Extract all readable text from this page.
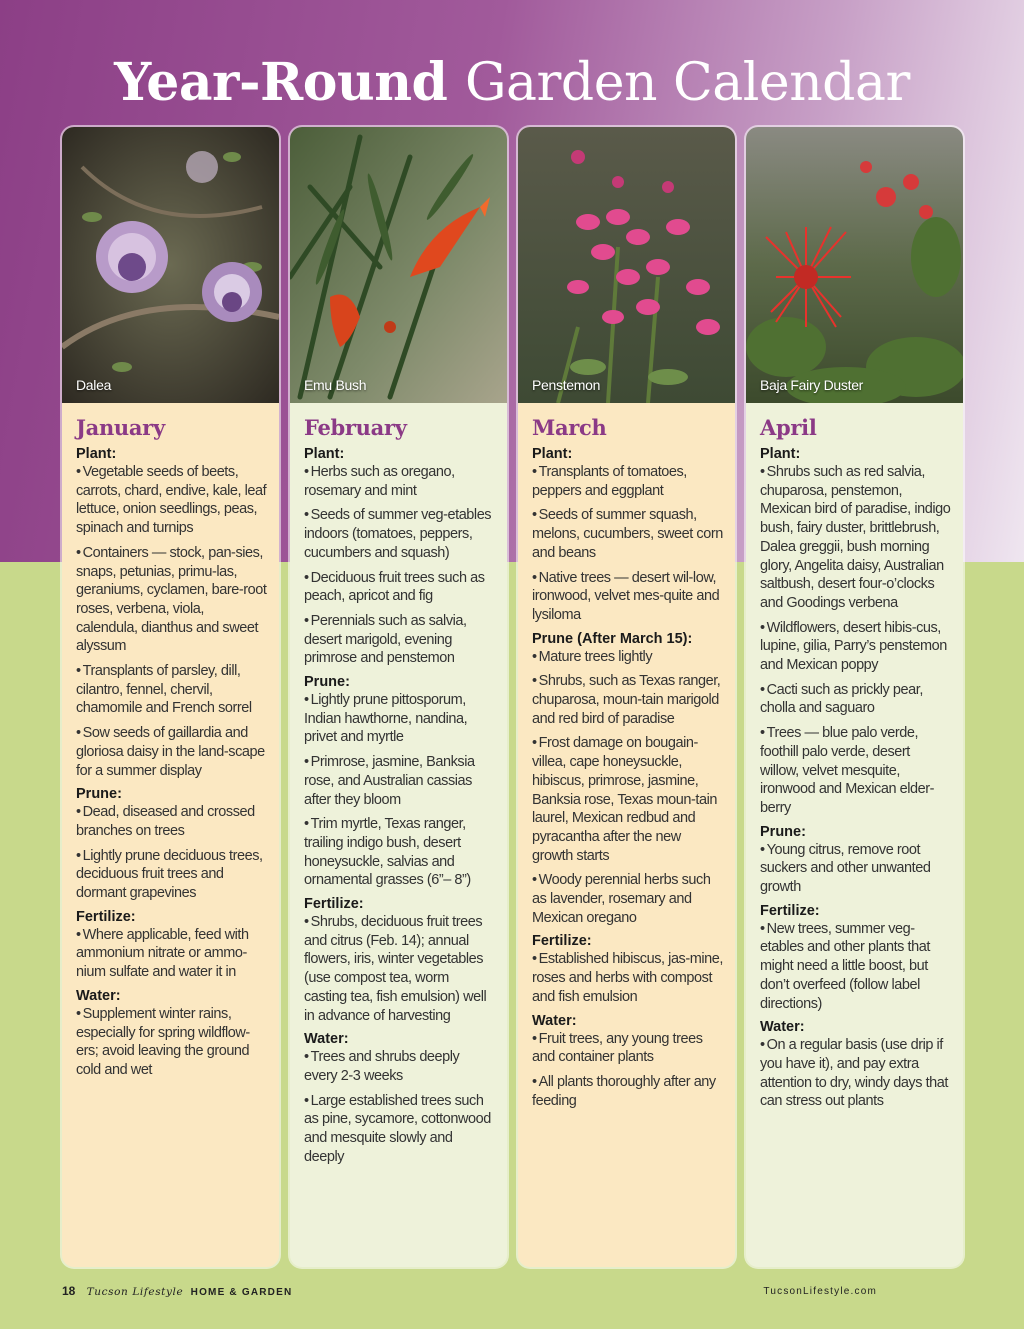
Year-Round Garden Calendar
Dalea
January
Plant:
• Vegetable seeds of beets, carrots, chard, endive, kale, leaf lettuce, onion seedlings, peas, spinach and turnips
• Containers — stock, pan-sies, snaps, petunias, primu-las, geraniums, cyclamen, bare-root roses, verbena, viola, calendula, dianthus and sweet alyssum
• Transplants of parsley, dill, cilantro, fennel, chervil, chamomile and French sorrel
• Sow seeds of gaillardia and gloriosa daisy in the land-scape for a summer display
Prune:
• Dead, diseased and crossed branches on trees
• Lightly prune deciduous trees, deciduous fruit trees and dormant grapevines
Fertilize:
• Where applicable, feed with ammonium nitrate or ammo-nium sulfate and water it in
Water:
• Supplement winter rains, especially for spring wildflow-ers; avoid leaving the ground cold and wet
Emu Bush
February
Plant:
• Herbs such as oregano, rosemary and mint
• Seeds of summer veg-etables indoors (tomatoes, peppers, cucumbers and squash)
• Deciduous fruit trees such as peach, apricot and fig
• Perennials such as salvia, desert marigold, evening primrose and penstemon
Prune:
• Lightly prune pittosporum, Indian hawthorne, nandina, privet and myrtle
• Primrose, jasmine, Banksia rose, and Australian cassias after they bloom
• Trim myrtle, Texas ranger, trailing indigo bush, desert honeysuckle, salvias and ornamental grasses (6”– 8”)
Fertilize:
• Shrubs, deciduous fruit trees and citrus (Feb. 14); annual flowers, iris, winter vegetables (use compost tea, worm casting tea, fish emulsion) well in advance of harvesting
Water:
• Trees and shrubs deeply every 2-3 weeks
• Large established trees such as pine, sycamore, cottonwood and mesquite slowly and deeply
Penstemon
March
Plant:
• Transplants of tomatoes, peppers and eggplant
• Seeds of summer squash, melons, cucumbers, sweet corn and beans
• Native trees — desert wil-low, ironwood, velvet mes-quite and lysiloma
Prune (After March 15):
• Mature trees lightly
• Shrubs, such as Texas ranger, chuparosa, moun-tain marigold and red bird of paradise
• Frost damage on bougain-villea, cape honeysuckle, hibiscus, primrose, jasmine, Banksia rose, Texas moun-tain laurel, Mexican redbud and pyracantha after the new growth starts
• Woody perennial herbs such as lavender, rosemary and Mexican oregano
Fertilize:
• Established hibiscus, jas-mine, roses and herbs with compost and fish emulsion
Water:
• Fruit trees, any young trees and container plants
• All plants thoroughly after any feeding
Baja Fairy Duster
April
Plant:
• Shrubs such as red salvia, chuparosa, penstemon, Mexican bird of paradise, indigo bush, fairy duster, brittlebrush, Dalea greggii, bush morning glory, Angelita daisy, Australian saltbush, desert four-o’clocks and Goodings verbena
• Wildflowers, desert hibis-cus, lupine, gilia, Parry’s penstemon and Mexican poppy
• Cacti such as prickly pear, cholla and saguaro
• Trees — blue palo verde, foothill palo verde, desert willow, velvet mesquite, ironwood and Mexican elder-berry
Prune:
• Young citrus, remove root suckers and other unwanted growth
Fertilize:
• New trees, summer veg-etables and other plants that might need a little boost, but don’t overfeed (follow label directions)
Water:
• On a regular basis (use drip if you have it), and pay extra attention to dry, windy days that can stress out plants
18 Tucson Lifestyle HOME & GARDEN	TucsonLifestyle.com
